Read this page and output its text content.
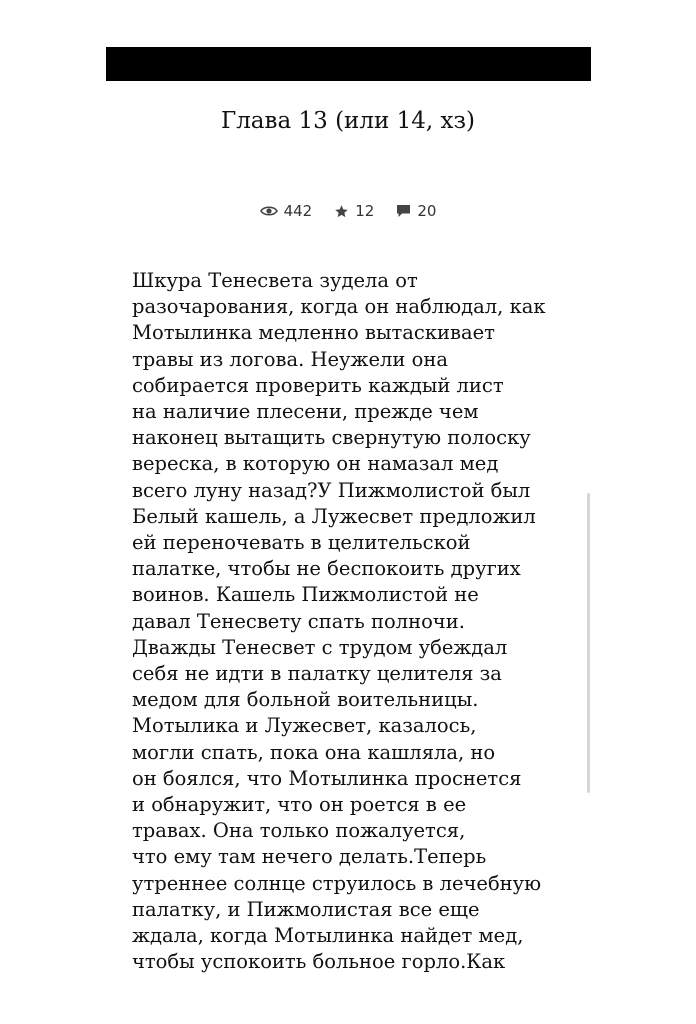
Глава 13 (или 14, хз)
442	12	20
Шкура Тенесвета зудела от
разочарования, когда он наблюдал, как
Мотылинка медленно вытаскивает
травы из логова. Неужели она
собирается проверить каждый лист
на наличие плесени, прежде чем
наконец вытащить свернутую полоску
вереска, в которую он намазал мед
всего луну назад?У Пижмолистой был
Белый кашель, а Лужесвет предложил
ей переночевать в целительской
палатке, чтобы не беспокоить других
воинов. Кашель Пижмолистой не
давал Тенесвету спать полночи.
Дважды Тенесвет с трудом убеждал
себя не идти в палатку целителя за
медом для больной воительницы.
Мотылика и Лужесвет, казалось,
могли спать, пока она кашляла, но
он боялся, что Мотылинка проснется
и обнаружит, что он роется в ее
травах. Она только пожалуется,
что ему там нечего делать.Теперь
утреннее солнце струилось в лечебную
палатку, и Пижмолистая все еще
ждала, когда Мотылинка найдет мед,
чтобы успокоить больное горло.Как
